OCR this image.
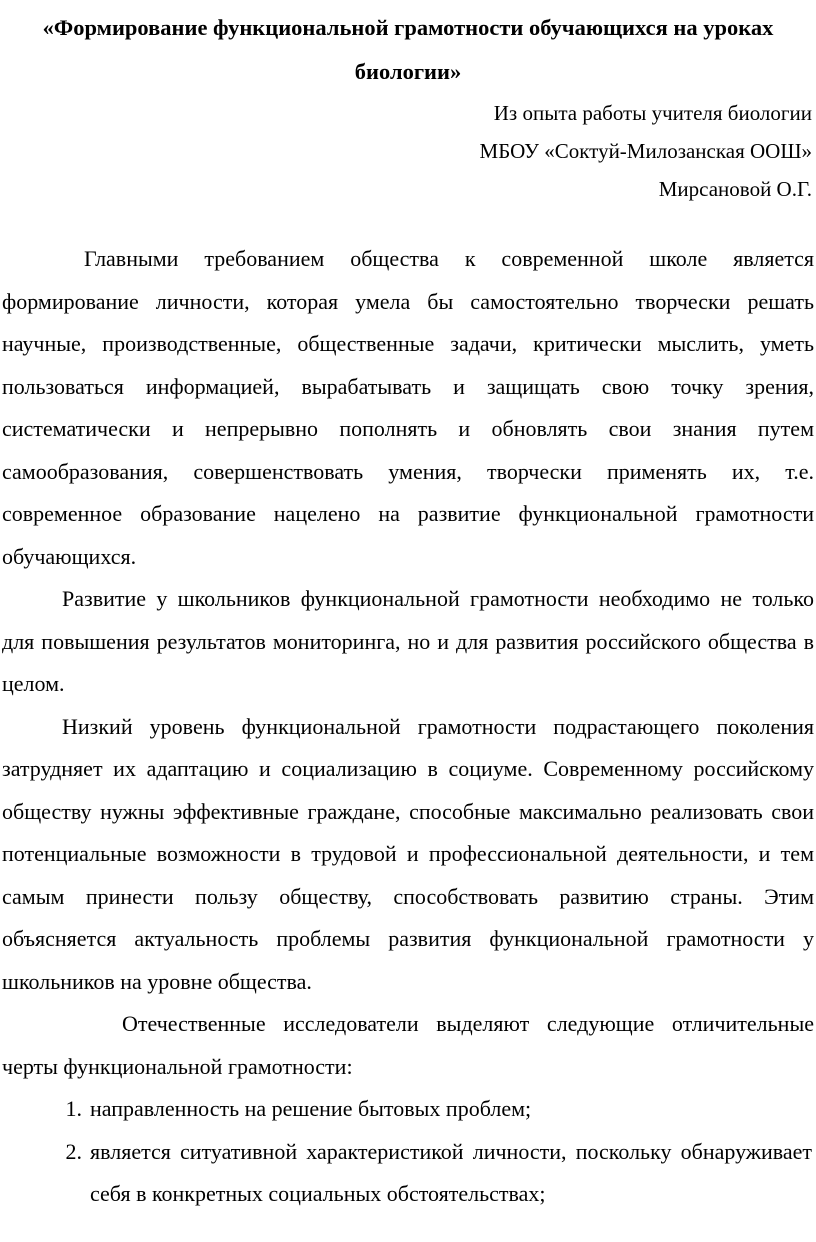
«Формирование функциональной грамотности обучающихся на уроках биологии»
Из опыта работы учителя биологии
МБОУ «Соктуй-Милозанская ООШ»
Мирсановой О.Г.

Главными требованием общества к современной школе является формирование личности, которая умела бы самостоятельно творчески решать научные, производственные, общественные задачи, критически мыслить, уметь пользоваться информацией, вырабатывать и защищать свою точку зрения, систематически и непрерывно пополнять и обновлять свои знания путем самообразования, совершенствовать умения, творчески применять их, т.е. современное образование нацелено на развитие функциональной грамотности обучающихся.

Развитие у школьников функциональной грамотности необходимо не только для повышения результатов мониторинга, но и для развития российского общества в целом.

Низкий уровень функциональной грамотности подрастающего поколения затрудняет их адаптацию и социализацию в социуме. Современному российскому обществу нужны эффективные граждане, способные максимально реализовать свои потенциальные возможности в трудовой и профессиональной деятельности, и тем самым принести пользу обществу, способствовать развитию страны. Этим объясняется актуальность проблемы развития функциональной грамотности у школьников на уровне общества.

Отечественные исследователи выделяют следующие отличительные черты функциональной грамотности:

1. направленность на решение бытовых проблем;
2. является ситуативной характеристикой личности, поскольку обнаруживает себя в конкретных социальных обстоятельствах;
